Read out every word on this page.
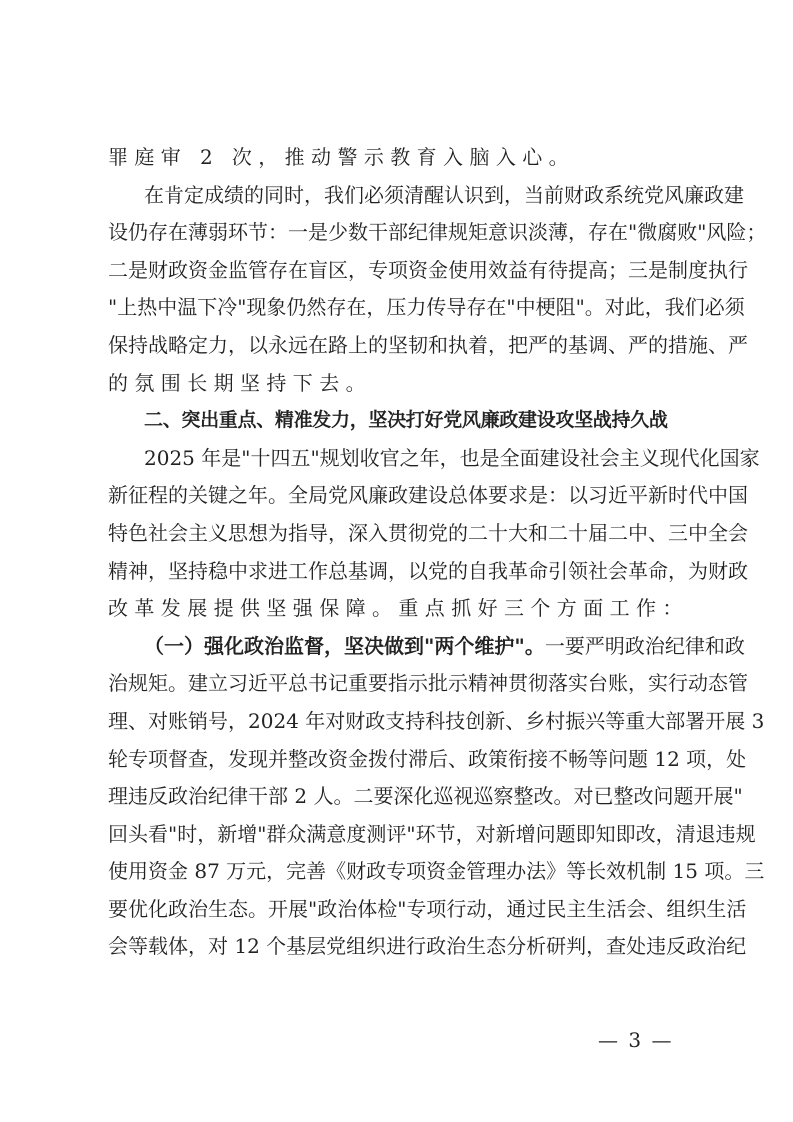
罪庭审 2 次，推动警示教育入脑入心。
在肯定成绩的同时，我们必须清醒认识到，当前财政系统党风廉政建
设仍存在薄弱环节：一是少数干部纪律规矩意识淡薄，存在"微腐败"风险；
二是财政资金监管存在盲区，专项资金使用效益有待提高；三是制度执行
"上热中温下冷"现象仍然存在，压力传导存在"中梗阻"。对此，我们必须
保持战略定力，以永远在路上的坚韧和执着，把严的基调、严的措施、严
的氛围长期坚持下去。
二、突出重点、精准发力，坚决打好党风廉政建设攻坚战持久战
2025 年是"十四五"规划收官之年，也是全面建设社会主义现代化国家
新征程的关键之年。全局党风廉政建设总体要求是：以习近平新时代中国
特色社会主义思想为指导，深入贯彻党的二十大和二十届二中、三中全会
精神，坚持稳中求进工作总基调，以党的自我革命引领社会革命，为财政
改革发展提供坚强保障。重点抓好三个方面工作：
（一）强化政治监督，坚决做到"两个维护"。一要严明政治纪律和政
治规矩。建立习近平总书记重要指示批示精神贯彻落实台账，实行动态管
理、对账销号，2024 年对财政支持科技创新、乡村振兴等重大部署开展 3
轮专项督查，发现并整改资金拨付滞后、政策衔接不畅等问题 12 项，处
理违反政治纪律干部 2 人。二要深化巡视巡察整改。对已整改问题开展"
回头看"时，新增"群众满意度测评"环节，对新增问题即知即改，清退违规
使用资金 87 万元，完善《财政专项资金管理办法》等长效机制 15 项。三
要优化政治生态。开展"政治体检"专项行动，通过民主生活会、组织生活
会等载体，对 12 个基层党组织进行政治生态分析研判，查处违反政治纪
— 3 —
